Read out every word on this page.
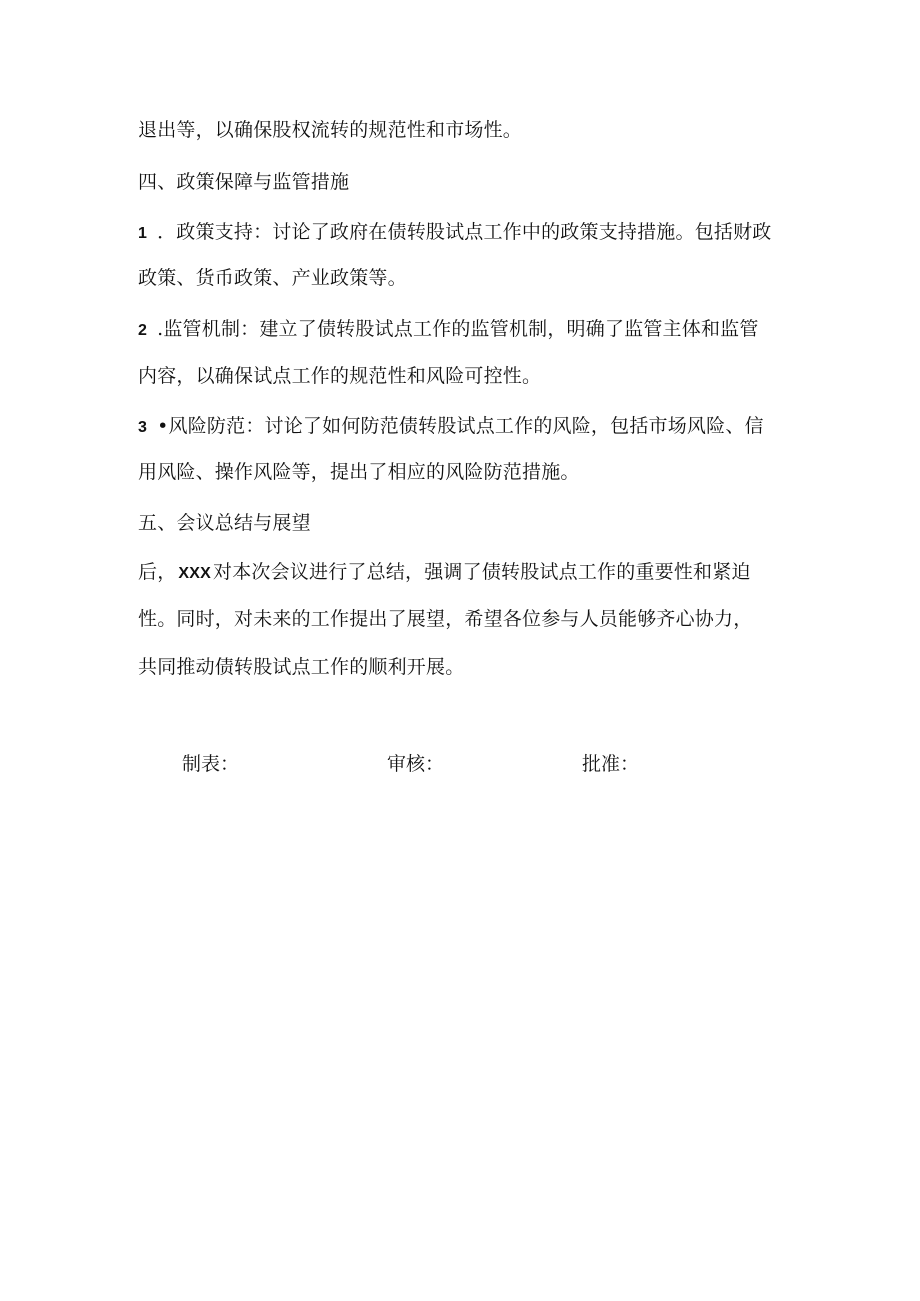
退出等，以确保股权流转的规范性和市场性。
四、政策保障与监管措施
1 ．政策支持：讨论了政府在债转股试点工作中的政策支持措施。包括财政
政策、货币政策、产业政策等。
2 .监管机制：建立了债转股试点工作的监管机制，明确了监管主体和监管
内容，以确保试点工作的规范性和风险可控性。
3 •风险防范：讨论了如何防范债转股试点工作的风险，包括市场风险、信
用风险、操作风险等，提出了相应的风险防范措施。
五、会议总结与展望
后， XXX 对本次会议进行了总结，强调了债转股试点工作的重要性和紧迫
性。同时，对未来的工作提出了展望，希望各位参与人员能够齐心协力，
共同推动债转股试点工作的顺利开展。
制表：	审核：	批准：
